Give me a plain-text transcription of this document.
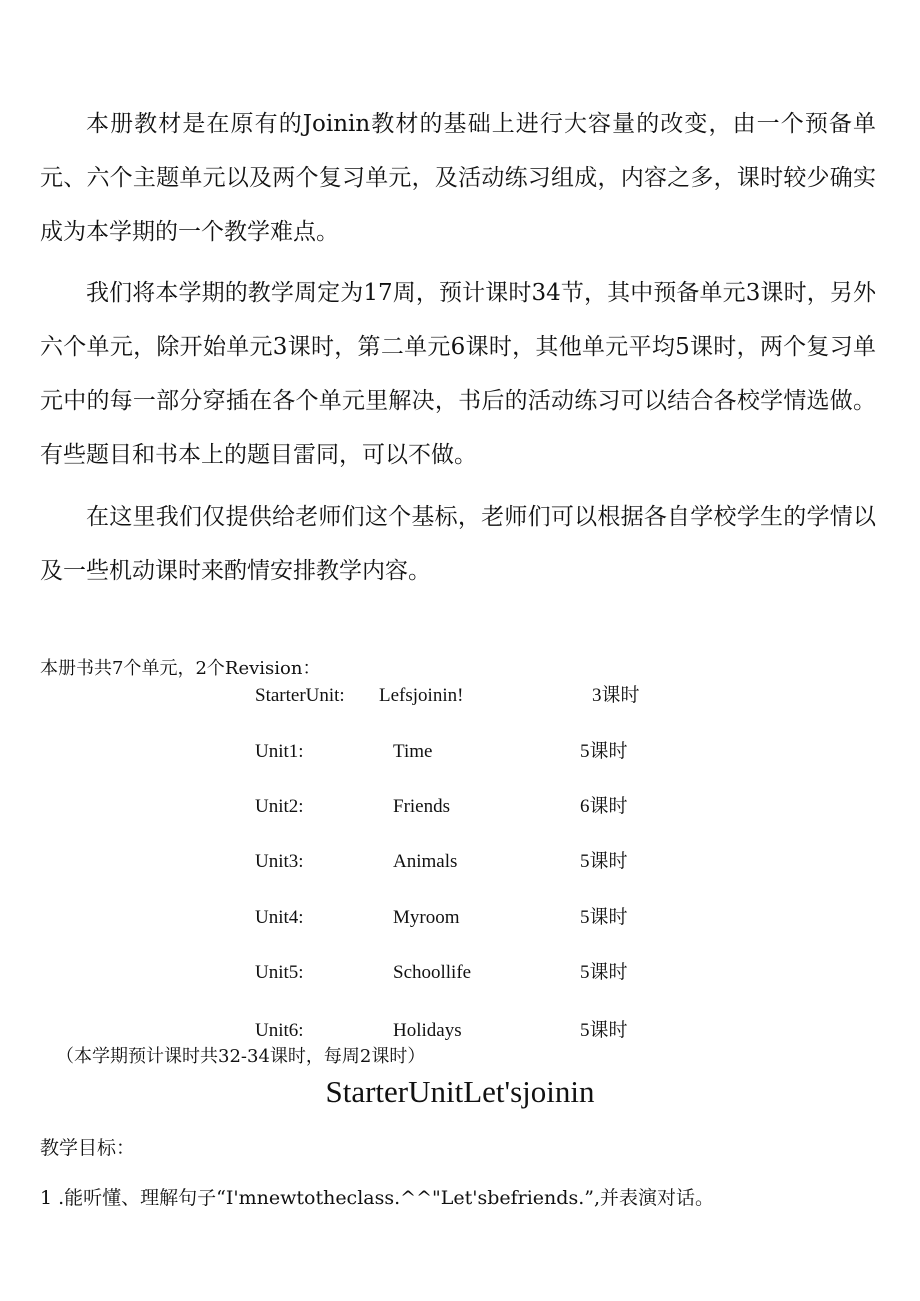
本册教材是在原有的Joinin教材的基础上进行大容量的改变，由一个预备单元、六个主题单元以及两个复习单元，及活动练习组成，内容之多，课时较少确实成为本学期的一个教学难点。

我们将本学期的教学周定为17周，预计课时34节，其中预备单元3课时，另外六个单元，除开始单元3课时，第二单元6课时，其他单元平均5课时，两个复习单元中的每一部分穿插在各个单元里解决，书后的活动练习可以结合各校学情选做。有些题目和书本上的题目雷同，可以不做。

在这里我们仅提供给老师们这个基标，老师们可以根据各自学校学生的学情以及一些机动课时来酌情安排教学内容。

本册书共7个单元，2个Revision：

StarterUnit: Lefsjoinin!	3课时
Unit1:	Time	5课时
Unit2:	Friends	6课时
Unit3:	Animals	5课时
Unit4:	Myroom	5课时
Unit5:	Schoollife	5课时
Unit6:	Holidays	5课时

（本学期预计课时共32-34课时，每周2课时）

StarterUnitLet'sjoinin

教学目标：

1 .能听懂、理解句子“I'mnewtotheclass.^^"Let'sbefriends.”,并表演对话。
